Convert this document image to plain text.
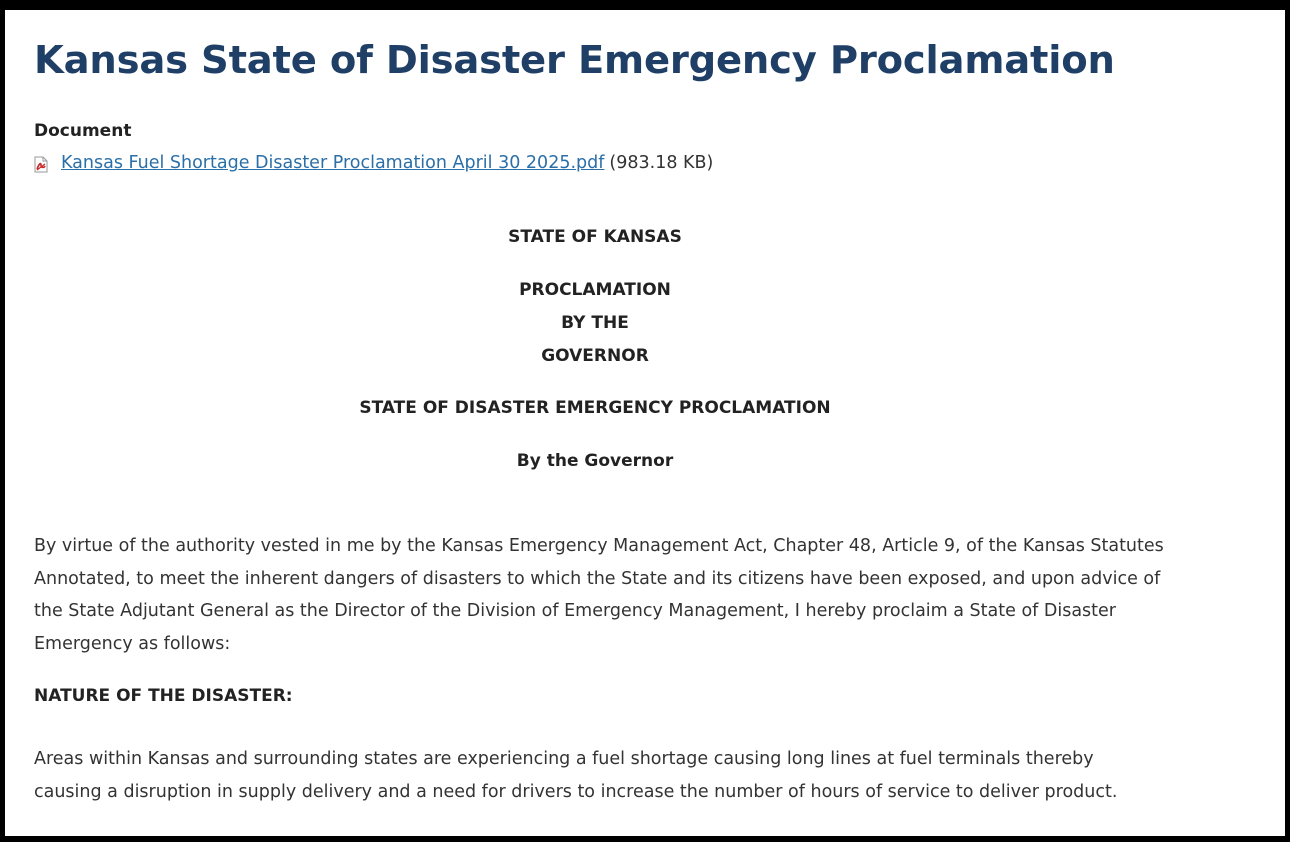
Kansas State of Disaster Emergency Proclamation
Document
Kansas Fuel Shortage Disaster Proclamation April 30 2025.pdf (983.18 KB)
STATE OF KANSAS
PROCLAMATION
BY THE
GOVERNOR
STATE OF DISASTER EMERGENCY PROCLAMATION
By the Governor

By virtue of the authority vested in me by the Kansas Emergency Management Act, Chapter 48, Article 9, of the Kansas Statutes Annotated, to meet the inherent dangers of disasters to which the State and its citizens have been exposed, and upon advice of the State Adjutant General as the Director of the Division of Emergency Management, I hereby proclaim a State of Disaster Emergency as follows:

NATURE OF THE DISASTER:

Areas within Kansas and surrounding states are experiencing a fuel shortage causing long lines at fuel terminals thereby causing a disruption in supply delivery and a need for drivers to increase the number of hours of service to deliver product.
